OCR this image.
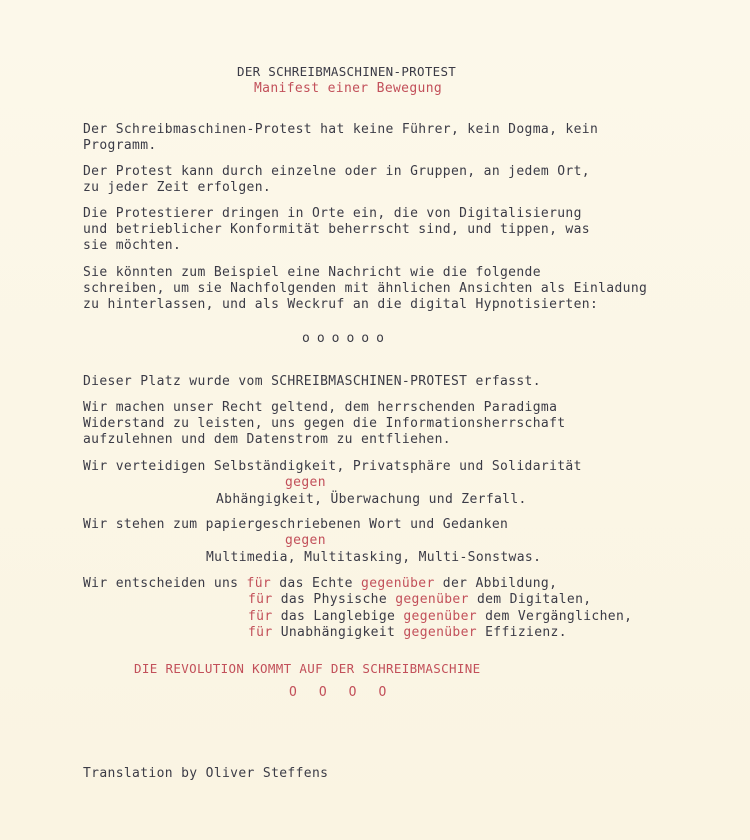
DER SCHREIBMASCHINEN-PROTEST

Manifest einer Bewegung

Der Schreibmaschinen-Protest hat keine Führer, kein Dogma, kein

Programm.

Der Protest kann durch einzelne oder in Gruppen, an jedem Ort,

zu jeder Zeit erfolgen.

Die Protestierer dringen in Orte ein, die von Digitalisierung

und betrieblicher Konformität beherrscht sind, und tippen, was

sie möchten.

Sie könnten zum Beispiel eine Nachricht wie die folgende

schreiben, um sie Nachfolgenden mit ähnlichen Ansichten als Einladung

zu hinterlassen, und als Weckruf an die digital Hypnotisierten:

oooooo

Dieser Platz wurde vom SCHREIBMASCHINEN-PROTEST erfasst.

Wir machen unser Recht geltend, dem herrschenden Paradigma

Widerstand zu leisten, uns gegen die Informationsherrschaft

aufzulehnen und dem Datenstrom zu entfliehen.

Wir verteidigen Selbständigkeit, Privatsphäre und Solidarität

gegen

Abhängigkeit, Überwachung und Zerfall.

Wir stehen zum papiergeschriebenen Wort und Gedanken

gegen

Multimedia, Multitasking, Multi-Sonstwas.

Wir entscheiden uns für das Echte gegenüber der Abbildung,

für das Physische gegenüber dem Digitalen,

für das Langlebige gegenüber dem Vergänglichen,

für Unabhängigkeit gegenüber Effizienz.

DIE REVOLUTION KOMMT AUF DER SCHREIBMASCHINE

OOOO

Translation by Oliver Steffens
